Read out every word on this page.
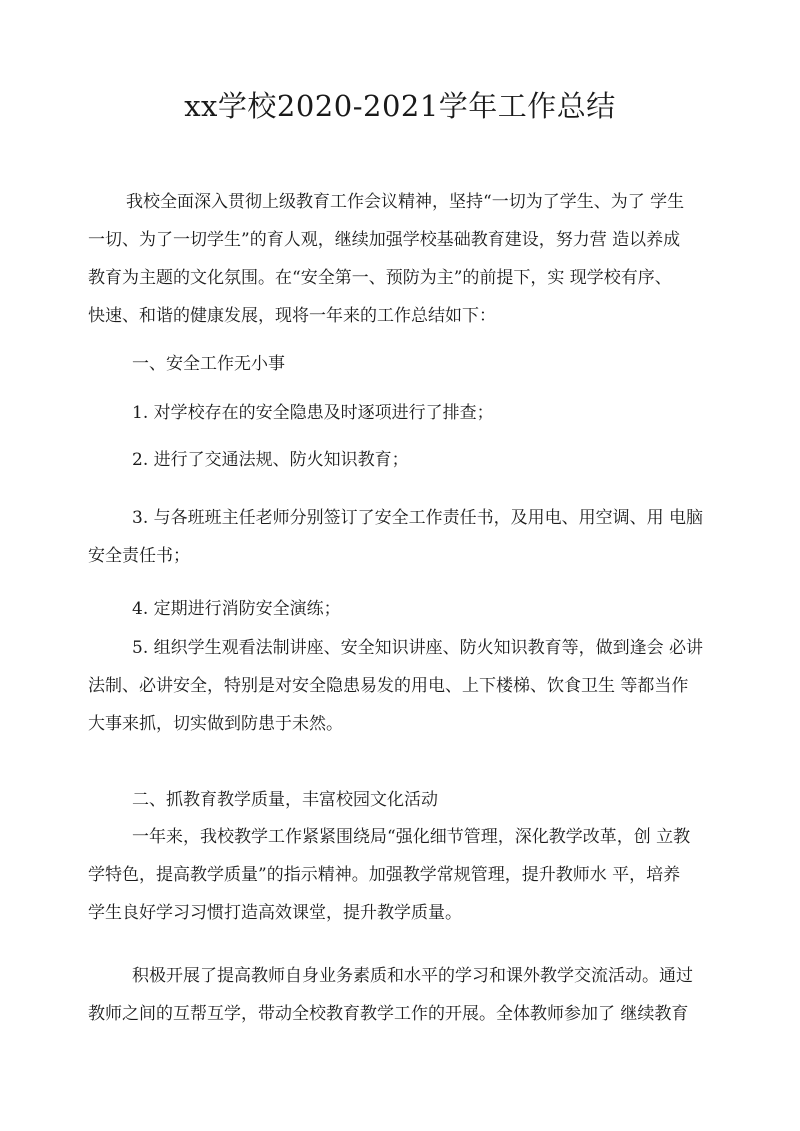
xx学校2020-2021学年工作总结
我校全面深入贯彻上级教育工作会议精神，坚持“一切为了学生、为了 学生
一切、为了一切学生”的育人观，继续加强学校基础教育建设，努力营 造以养成
教育为主题的文化氛围。在“安全第一、预防为主”的前提下，实 现学校有序、
快速、和谐的健康发展，现将一年来的工作总结如下：
一、安全工作无小事
1. 对学校存在的安全隐患及时逐项进行了排查；
2. 进行了交通法规、防火知识教育；
3. 与各班班主任老师分别签订了安全工作责任书，及用电、用空调、用 电脑
安全责任书；
4. 定期进行消防安全演练；
5. 组织学生观看法制讲座、安全知识讲座、防火知识教育等，做到逢会 必讲
法制、必讲安全，特别是对安全隐患易发的用电、上下楼梯、饮食卫生 等都当作
大事来抓，切实做到防患于未然。
二、抓教育教学质量，丰富校园文化活动
一年来，我校教学工作紧紧围绕局“强化细节管理，深化教学改革，创 立教
学特色，提高教学质量”的指示精神。加强教学常规管理，提升教师水 平，培养
学生良好学习习惯打造高效课堂，提升教学质量。
积极开展了提高教师自身业务素质和水平的学习和课外教学交流活动。通过
教师之间的互帮互学，带动全校教育教学工作的开展。全体教师参加了 继续教育
